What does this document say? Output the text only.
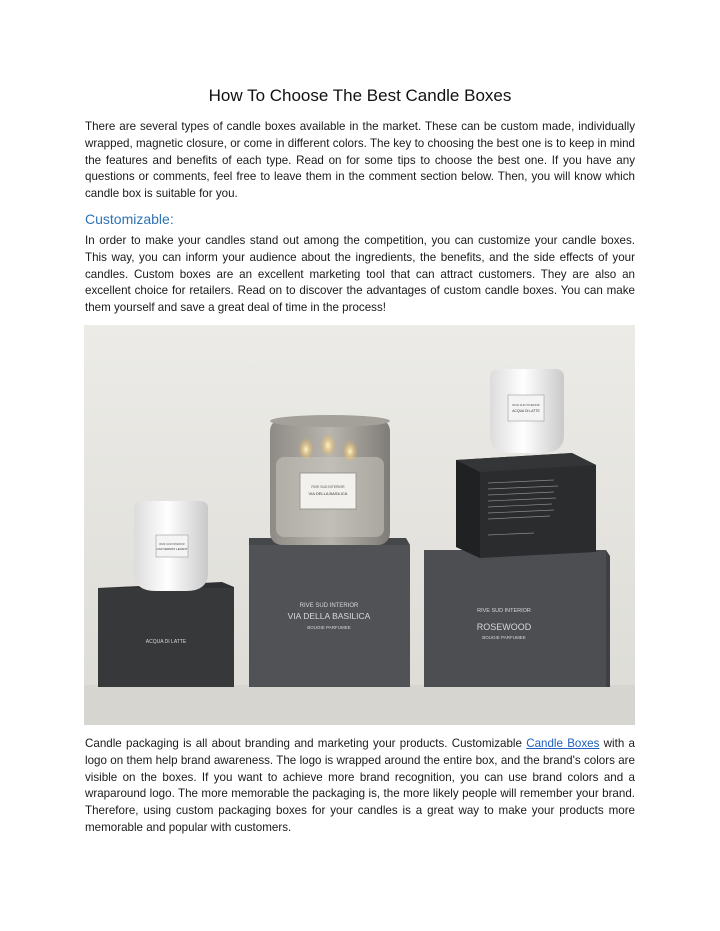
How To Choose The Best Candle Boxes

There are several types of candle boxes available in the market. These can be custom made, individually wrapped, magnetic closure, or come in different colors. The key to choosing the best one is to keep in mind the features and benefits of each type. Read on for some tips to choose the best one. If you have any questions or comments, feel free to leave them in the comment section below. Then, you will know which candle box is suitable for you.

Customizable:

In order to make your candles stand out among the competition, you can customize your candle boxes. This way, you can inform your audience about the ingredients, the benefits, and the side effects of your candles. Custom boxes are an excellent marketing tool that can attract customers. They are also an excellent choice for retailers. Read on to discover the advantages of custom candle boxes. You can make them yourself and save a great deal of time in the process!

ACQUA DI LATTE
RIVE SUD INTERIOR
CAP FERRAT LEVANT
RIVE SUD INTERIOR
VIA DELLA BASILICA
BOUGIE PARFUMEE
RIVE SUD INTERIOR
VIA DELLA BASILICA
RIVE SUD INTERIOR
ROSEWOOD
BOUGIE PARFUMEE
RIVE SUD INTERIOR
ACQUA DI LATTE

Candle packaging is all about branding and marketing your products. Customizable Candle Boxes with a logo on them help brand awareness. The logo is wrapped around the entire box, and the brand's colors are visible on the boxes. If you want to achieve more brand recognition, you can use brand colors and a wraparound logo. The more memorable the packaging is, the more likely people will remember your brand. Therefore, using custom packaging boxes for your candles is a great way to make your products more memorable and popular with customers.
